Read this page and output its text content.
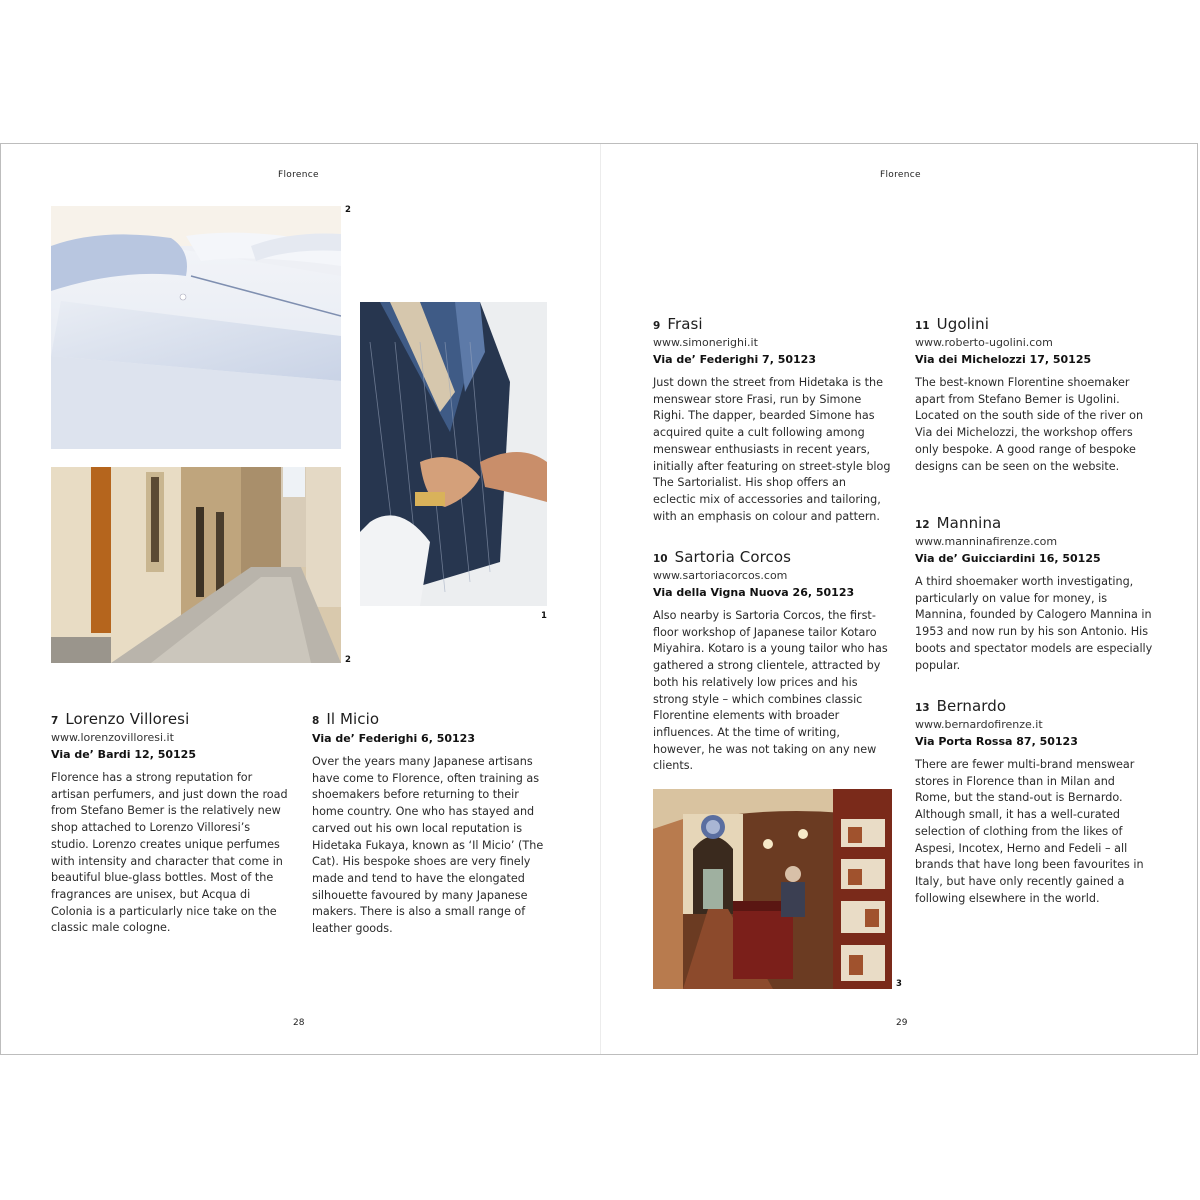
Florence
2
2
1
7 Lorenzo Villoresi

www.lorenzovilloresi.it

Via de’ Bardi 12, 50125

Florence has a strong reputation for artisan perfumers, and just down the road from Stefano Bemer is the relatively new shop attached to Lorenzo Villoresi’s studio. Lorenzo creates unique perfumes with intensity and character that come in beautiful blue-glass bottles. Most of the fragrances are unisex, but Acqua di Colonia is a particularly nice take on the classic male cologne.

8 Il Micio

Via de’ Federighi 6, 50123

Over the years many Japanese artisans have come to Florence, often training as shoemakers before returning to their home country. One who has stayed and carved out his own local reputation is Hidetaka Fukaya, known as ‘Il Micio’ (The Cat). His bespoke shoes are very finely made and tend to have the elongated silhouette favoured by many Japanese makers. There is also a small range of leather goods.

28
Florence
9 Frasi

www.simonerighi.it

Via de’ Federighi 7, 50123

Just down the street from Hidetaka is the menswear store Frasi, run by Simone Righi. The dapper, bearded Simone has acquired quite a cult following among menswear enthusiasts in recent years, initially after featuring on street-style blog The Sartorialist. His shop offers an eclectic mix of accessories and tailoring, with an emphasis on colour and pattern.

10 Sartoria Corcos

www.sartoriacorcos.com

Via della Vigna Nuova 26, 50123

Also nearby is Sartoria Corcos, the first-floor workshop of Japanese tailor Kotaro Miyahira. Kotaro is a young tailor who has gathered a strong clientele, attracted by both his relatively low prices and his strong style – which combines classic Florentine elements with broader influences. At the time of writing, however, he was not taking on any new clients.

3
11 Ugolini

www.roberto-ugolini.com

Via dei Michelozzi 17, 50125

The best-known Florentine shoemaker apart from Stefano Bemer is Ugolini. Located on the south side of the river on Via dei Michelozzi, the workshop offers only bespoke. A good range of bespoke designs can be seen on the website.

12 Mannina

www.manninafirenze.com

Via de’ Guicciardini 16, 50125

A third shoemaker worth investigating, particularly on value for money, is Mannina, founded by Calogero Mannina in 1953 and now run by his son Antonio. His boots and spectator models are especially popular.

13 Bernardo

www.bernardofirenze.it

Via Porta Rossa 87, 50123

There are fewer multi-brand menswear stores in Florence than in Milan and Rome, but the stand-out is Bernardo. Although small, it has a well-curated selection of clothing from the likes of Aspesi, Incotex, Herno and Fedeli – all brands that have long been favourites in Italy, but have only recently gained a following elsewhere in the world.

29
